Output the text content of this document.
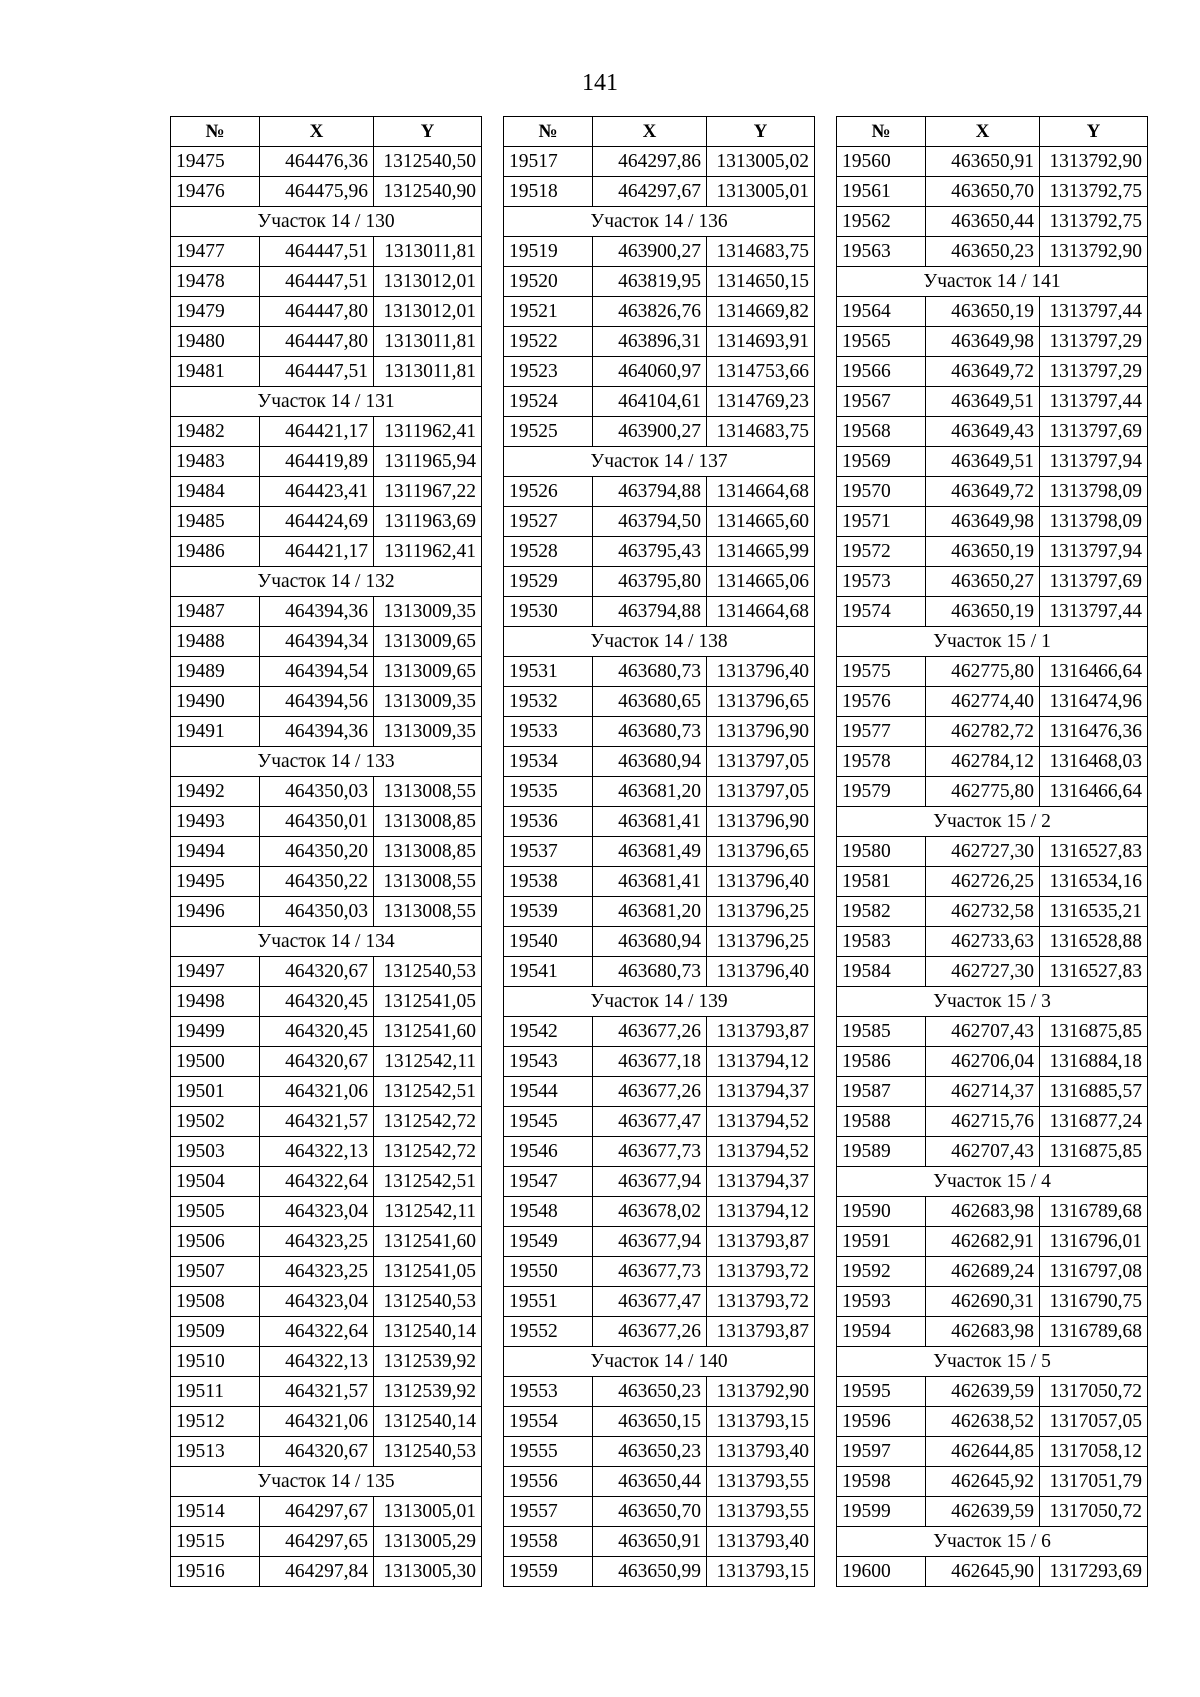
141
№	X	Y
19475	464476,36	1312540,50
19476	464475,96	1312540,90
Участок 14 / 130		
19477	464447,51	1313011,81
19478	464447,51	1313012,01
19479	464447,80	1313012,01
19480	464447,80	1313011,81
19481	464447,51	1313011,81
Участок 14 / 131		
19482	464421,17	1311962,41
19483	464419,89	1311965,94
19484	464423,41	1311967,22
19485	464424,69	1311963,69
19486	464421,17	1311962,41
Участок 14 / 132		
19487	464394,36	1313009,35
19488	464394,34	1313009,65
19489	464394,54	1313009,65
19490	464394,56	1313009,35
19491	464394,36	1313009,35
Участок 14 / 133		
19492	464350,03	1313008,55
19493	464350,01	1313008,85
19494	464350,20	1313008,85
19495	464350,22	1313008,55
19496	464350,03	1313008,55
Участок 14 / 134		
19497	464320,67	1312540,53
19498	464320,45	1312541,05
19499	464320,45	1312541,60
19500	464320,67	1312542,11
19501	464321,06	1312542,51
19502	464321,57	1312542,72
19503	464322,13	1312542,72
19504	464322,64	1312542,51
19505	464323,04	1312542,11
19506	464323,25	1312541,60
19507	464323,25	1312541,05
19508	464323,04	1312540,53
19509	464322,64	1312540,14
19510	464322,13	1312539,92
19511	464321,57	1312539,92
19512	464321,06	1312540,14
19513	464320,67	1312540,53
Участок 14 / 135		
19514	464297,67	1313005,01
19515	464297,65	1313005,29
19516	464297,84	1313005,30
№	X	Y
19517	464297,86	1313005,02
19518	464297,67	1313005,01
Участок 14 / 136		
19519	463900,27	1314683,75
19520	463819,95	1314650,15
19521	463826,76	1314669,82
19522	463896,31	1314693,91
19523	464060,97	1314753,66
19524	464104,61	1314769,23
19525	463900,27	1314683,75
Участок 14 / 137		
19526	463794,88	1314664,68
19527	463794,50	1314665,60
19528	463795,43	1314665,99
19529	463795,80	1314665,06
19530	463794,88	1314664,68
Участок 14 / 138		
19531	463680,73	1313796,40
19532	463680,65	1313796,65
19533	463680,73	1313796,90
19534	463680,94	1313797,05
19535	463681,20	1313797,05
19536	463681,41	1313796,90
19537	463681,49	1313796,65
19538	463681,41	1313796,40
19539	463681,20	1313796,25
19540	463680,94	1313796,25
19541	463680,73	1313796,40
Участок 14 / 139		
19542	463677,26	1313793,87
19543	463677,18	1313794,12
19544	463677,26	1313794,37
19545	463677,47	1313794,52
19546	463677,73	1313794,52
19547	463677,94	1313794,37
19548	463678,02	1313794,12
19549	463677,94	1313793,87
19550	463677,73	1313793,72
19551	463677,47	1313793,72
19552	463677,26	1313793,87
Участок 14 / 140		
19553	463650,23	1313792,90
19554	463650,15	1313793,15
19555	463650,23	1313793,40
19556	463650,44	1313793,55
19557	463650,70	1313793,55
19558	463650,91	1313793,40
19559	463650,99	1313793,15
№	X	Y
19560	463650,91	1313792,90
19561	463650,70	1313792,75
19562	463650,44	1313792,75
19563	463650,23	1313792,90
Участок 14 / 141		
19564	463650,19	1313797,44
19565	463649,98	1313797,29
19566	463649,72	1313797,29
19567	463649,51	1313797,44
19568	463649,43	1313797,69
19569	463649,51	1313797,94
19570	463649,72	1313798,09
19571	463649,98	1313798,09
19572	463650,19	1313797,94
19573	463650,27	1313797,69
19574	463650,19	1313797,44
Участок 15 / 1		
19575	462775,80	1316466,64
19576	462774,40	1316474,96
19577	462782,72	1316476,36
19578	462784,12	1316468,03
19579	462775,80	1316466,64
Участок 15 / 2		
19580	462727,30	1316527,83
19581	462726,25	1316534,16
19582	462732,58	1316535,21
19583	462733,63	1316528,88
19584	462727,30	1316527,83
Участок 15 / 3		
19585	462707,43	1316875,85
19586	462706,04	1316884,18
19587	462714,37	1316885,57
19588	462715,76	1316877,24
19589	462707,43	1316875,85
Участок 15 / 4		
19590	462683,98	1316789,68
19591	462682,91	1316796,01
19592	462689,24	1316797,08
19593	462690,31	1316790,75
19594	462683,98	1316789,68
Участок 15 / 5		
19595	462639,59	1317050,72
19596	462638,52	1317057,05
19597	462644,85	1317058,12
19598	462645,92	1317051,79
19599	462639,59	1317050,72
Участок 15 / 6		
19600	462645,90	1317293,69
